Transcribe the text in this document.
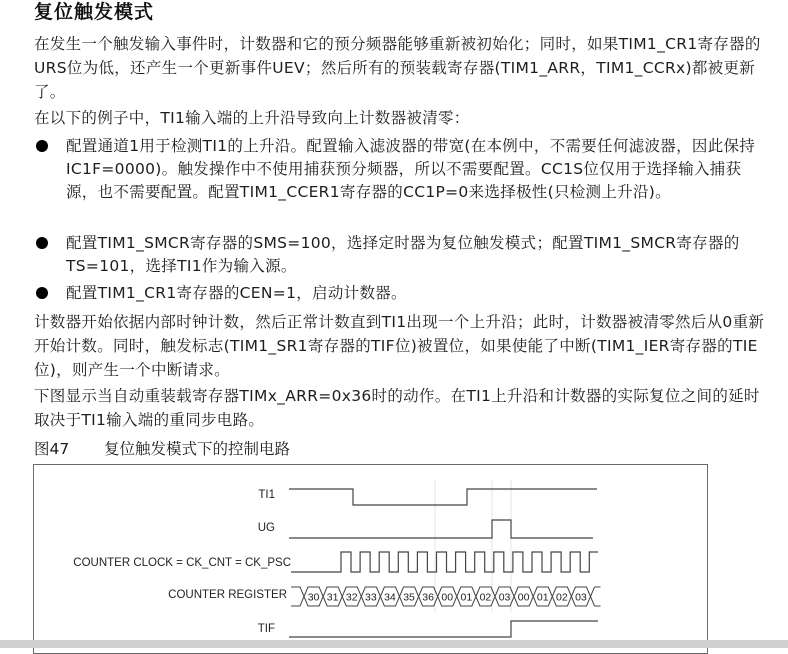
复位触发模式

在发生一个触发输入事件时，计数器和它的预分频器能够重新被初始化；同时，如果TIM1_CR1寄存器的URS位为低，还产生一个更新事件UEV；然后所有的预装载寄存器(TIM1_ARR，TIM1_CCRx)都被更新了。

在以下的例子中，TI1输入端的上升沿导致向上计数器被清零：

配置通道1用于检测TI1的上升沿。配置输入滤波器的带宽(在本例中，不需要任何滤波器，因此保持IC1F=0000)。触发操作中不使用捕获预分频器，所以不需要配置。CC1S位仅用于选择输入捕获源，也不需要配置。配置TIM1_CCER1寄存器的CC1P=0来选择极性(只检测上升沿)。
配置TIM1_SMCR寄存器的SMS=100，选择定时器为复位触发模式；配置TIM1_SMCR寄存器的TS=101，选择TI1作为输入源。
配置TIM1_CR1寄存器的CEN=1，启动计数器。

计数器开始依据内部时钟计数，然后正常计数直到TI1出现一个上升沿；此时，计数器被清零然后从0重新开始计数。同时，触发标志(TIM1_SR1寄存器的TIF位)被置位，如果使能了中断(TIM1_IER寄存器的TIE位)，则产生一个中断请求。

下图显示当自动重装载寄存器TIMx_ARR=0x36时的动作。在TI1上升沿和计数器的实际复位之间的延时取决于TI1输入端的重同步电路。

图47 复位触发模式下的控制电路
TI1
UG
COUNTER CLOCK = CK_CNT = CK_PSC
COUNTER REGISTER
TIF
30 31 32 33 34 35 36 00 01 02 03 00 01 02 03
